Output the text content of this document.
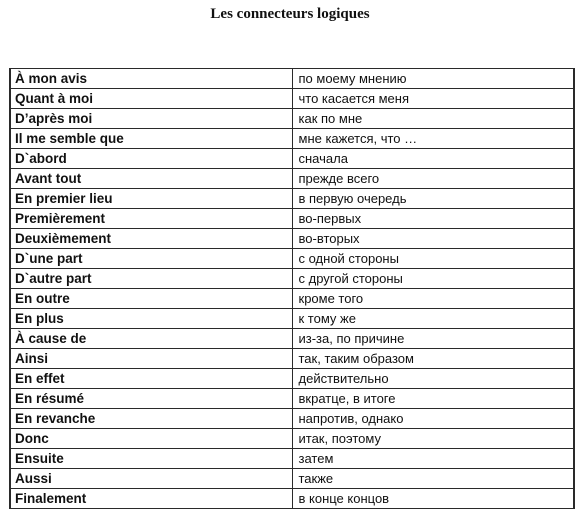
Les connecteurs logiques
À mon avis	по моему мнению
Quant à moi	что касается меня
D’après moi	как по мне
Il me semble que	мне кажется, что …
D`abord	сначала
Avant tout	прежде всего
En premier lieu	в первую очередь
Premièrement	во-первых
Deuxièmement	во-вторых
D`une part	с одной стороны
D`autre part	с другой стороны
En outre	кроме того
En plus	к тому же
À cause de	из-за, по причине
Ainsi	так, таким образом
En effet	действительно
En résumé	вкратце, в итоге
En revanche	напротив, однако
Donc	итак, поэтому
Ensuite	затем
Aussi	также
Finalement	в конце концов
